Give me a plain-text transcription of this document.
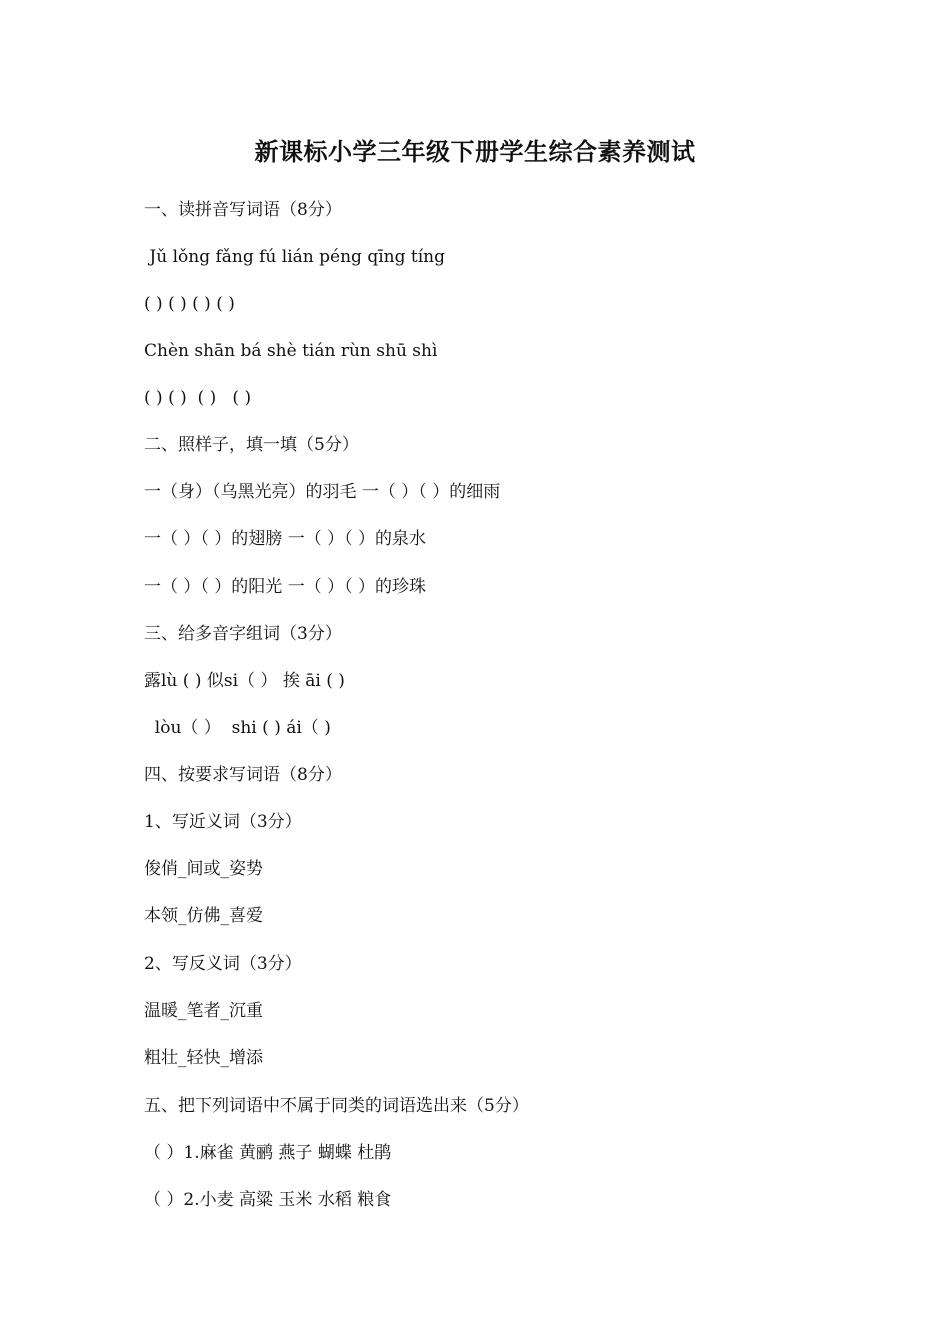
新课标小学三年级下册学生综合素养测试
一、读拼音写词语（8分）
Jǔ lǒng fǎng fú lián péng qīng tíng
( ) ( ) ( ) ( )
Chèn shān bá shè tián rùn shū shì
( ) ( )  ( )   ( )
二、照样子，填一填（5分）
一（身）（乌黑光亮）的羽毛 一（ ）（ ）的细雨
一（ ）（ ）的翅膀 一（ ）（ ）的泉水
一（ ）（ ）的阳光 一（ ）（ ）的珍珠
三、给多音字组词（3分）
露lù ( ) 似si（ ） 挨 āi ( )
lòu（ ）  shi ( ) ái（ )
四、按要求写词语（8分）
1、写近义词（3分）
俊俏_间或_姿势
本领_仿佛_喜爱
2、写反义词（3分）
温暖_笔者_沉重
粗壮_轻快_增添
五、把下列词语中不属于同类的词语选出来（5分）
（ ）1.麻雀 黄鹂 燕子 蝴蝶 杜鹃
（ ）2.小麦 高粱 玉米 水稻 粮食
